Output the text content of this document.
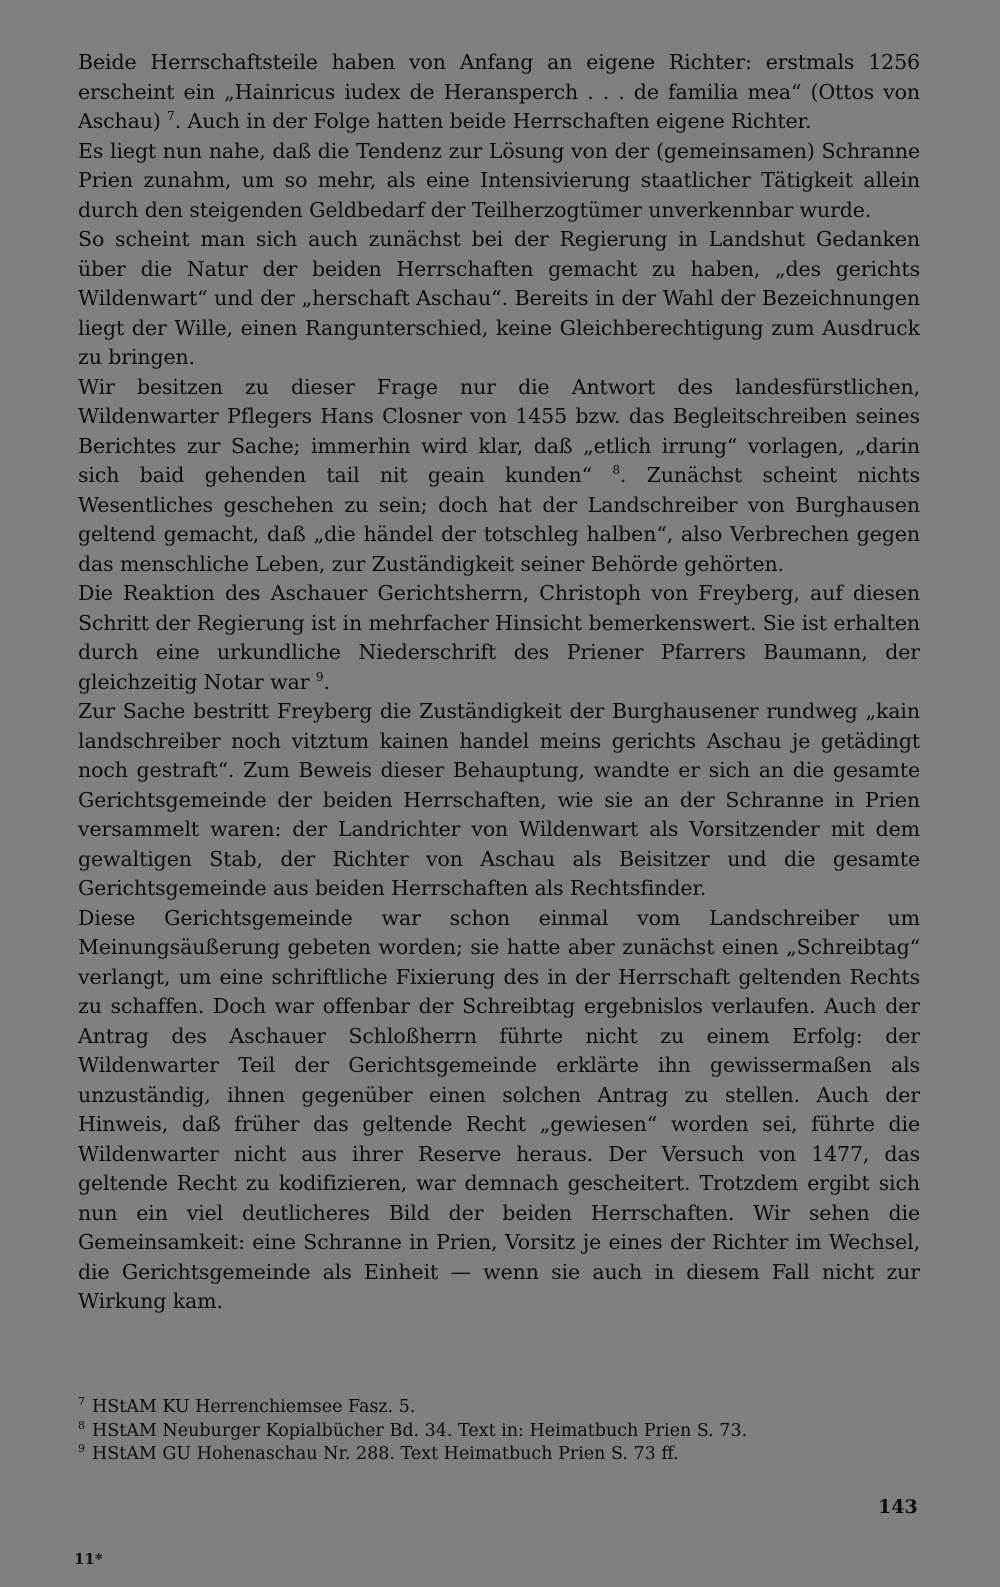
Beide Herrschaftsteile haben von Anfang an eigene Richter: erstmals 1256 erscheint ein „Hainricus iudex de Heransperch . . . de familia mea“ (Ottos von Aschau) $^7$. Auch in der Folge hatten beide Herrschaften eigene Richter.

Es liegt nun nahe, daß die Tendenz zur Lösung von der (gemeinsamen) Schranne Prien zunahm, um so mehr, als eine Intensivierung staatlicher Tätigkeit allein durch den steigenden Geldbedarf der Teilherzogtümer unverkennbar wurde.

So scheint man sich auch zunächst bei der Regierung in Landshut Gedanken über die Natur der beiden Herrschaften gemacht zu haben, „des gerichts Wildenwart“ und der „herschaft Aschau“. Bereits in der Wahl der Bezeichnungen liegt der Wille, einen Rangunterschied, keine Gleichberechtigung zum Ausdruck zu bringen.

Wir besitzen zu dieser Frage nur die Antwort des landesfürstlichen, Wildenwarter Pflegers Hans Closner von 1455 bzw. das Begleitschreiben seines Berichtes zur Sache; immerhin wird klar, daß „etlich irrung“ vorlagen, „darin sich baid gehenden tail nit geain kunden“ $^8$. Zunächst scheint nichts Wesentliches geschehen zu sein; doch hat der Landschreiber von Burghausen geltend gemacht, daß „die händel der totschleg halben“, also Verbrechen gegen das menschliche Leben, zur Zuständigkeit seiner Behörde gehörten.

Die Reaktion des Aschauer Gerichtsherrn, Christoph von Freyberg, auf diesen Schritt der Regierung ist in mehrfacher Hinsicht bemerkenswert. Sie ist erhalten durch eine urkundliche Niederschrift des Priener Pfarrers Baumann, der gleichzeitig Notar war $^9$.

Zur Sache bestritt Freyberg die Zuständigkeit der Burghausener rundweg „kain landschreiber noch vitztum kainen handel meins gerichts Aschau je getädingt noch gestraft“. Zum Beweis dieser Behauptung, wandte er sich an die gesamte Gerichtsgemeinde der beiden Herrschaften, wie sie an der Schranne in Prien versammelt waren: der Landrichter von Wildenwart als Vorsitzender mit dem gewaltigen Stab, der Richter von Aschau als Beisitzer und die gesamte Gerichtsgemeinde aus beiden Herrschaften als Rechtsfinder.

Diese Gerichtsgemeinde war schon einmal vom Landschreiber um Meinungsäußerung gebeten worden; sie hatte aber zunächst einen „Schreibtag“ verlangt, um eine schriftliche Fixierung des in der Herrschaft geltenden Rechts zu schaffen. Doch war offenbar der Schreibtag ergebnislos verlaufen. Auch der Antrag des Aschauer Schloßherrn führte nicht zu einem Erfolg: der Wildenwarter Teil der Gerichtsgemeinde erklärte ihn gewissermaßen als unzuständig, ihnen gegenüber einen solchen Antrag zu stellen. Auch der Hinweis, daß früher das geltende Recht „gewiesen“ worden sei, führte die Wildenwarter nicht aus ihrer Reserve heraus. Der Versuch von 1477, das geltende Recht zu kodifizieren, war demnach gescheitert. Trotzdem ergibt sich nun ein viel deutlicheres Bild der beiden Herrschaften. Wir sehen die Gemeinsamkeit: eine Schranne in Prien, Vorsitz je eines der Richter im Wechsel, die Gerichtsgemeinde als Einheit — wenn sie auch in diesem Fall nicht zur Wirkung kam.

7 HStAM KU Herrenchiemsee Fasz. 5.

8 HStAM Neuburger Kopialbücher Bd. 34. Text in: Heimatbuch Prien S. 73.

9 HStAM GU Hohenaschau Nr. 288. Text Heimatbuch Prien S. 73 ff.

143
11*
